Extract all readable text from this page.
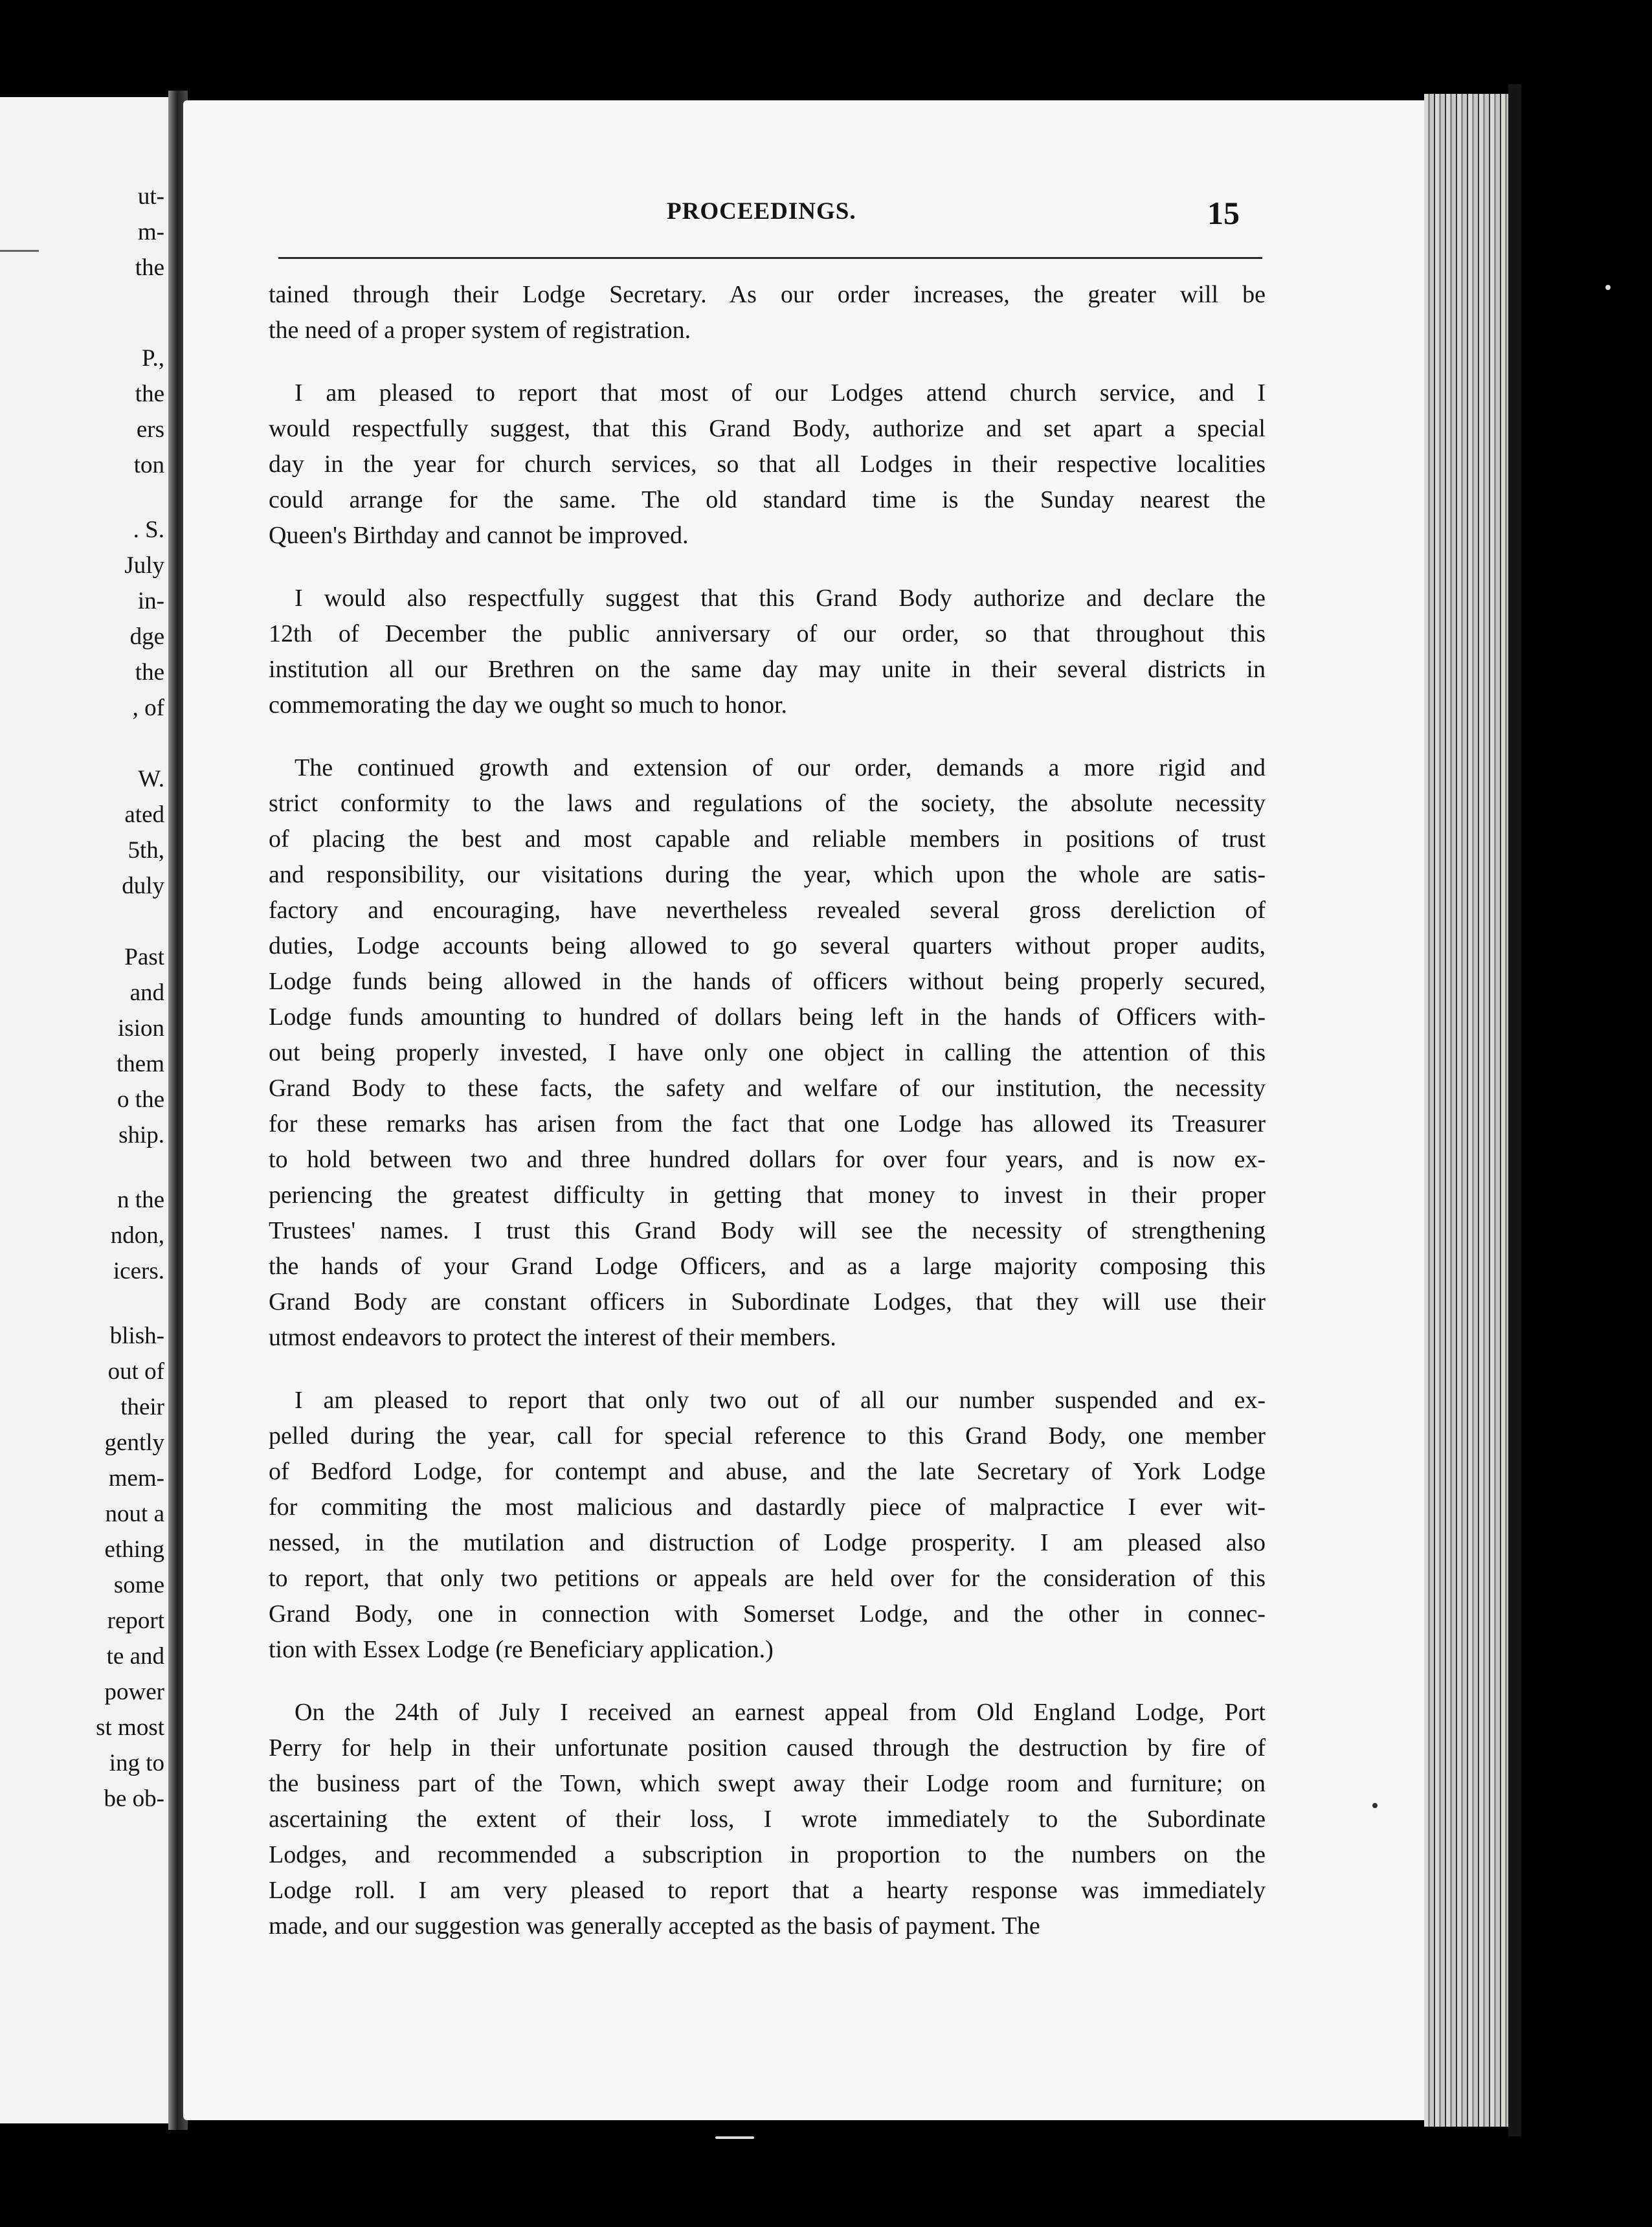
ut-
m-
the
P.,
the
ers
ton
. S.
July
in-
dge
the
, of
W.
ated
5th,
duly
Past
and
ision
them
o the
ship.
n the
ndon,
icers.
blish-
out of
their
gently
mem-
nout a
ething
some
report
te and
power
st most
ing to
be ob-
PROCEEDINGS.	15
tained through their Lodge Secretary. As our order increases, the greater will be
the need of a proper system of registration.
I am pleased to report that most of our Lodges attend church service, and I
would respectfully suggest, that this Grand Body, authorize and set apart a special
day in the year for church services, so that all Lodges in their respective localities
could arrange for the same. The old standard time is the Sunday nearest the
Queen's Birthday and cannot be improved.
I would also respectfully suggest that this Grand Body authorize and declare the
12th of December the public anniversary of our order, so that throughout this
institution all our Brethren on the same day may unite in their several districts in
commemorating the day we ought so much to honor.
The continued growth and extension of our order, demands a more rigid and
strict conformity to the laws and regulations of the society, the absolute necessity
of placing the best and most capable and reliable members in positions of trust
and responsibility, our visitations during the year, which upon the whole are satis-
factory and encouraging, have nevertheless revealed several gross dereliction of
duties, Lodge accounts being allowed to go several quarters without proper audits,
Lodge funds being allowed in the hands of officers without being properly secured,
Lodge funds amounting to hundred of dollars being left in the hands of Officers with-
out being properly invested, I have only one object in calling the attention of this
Grand Body to these facts, the safety and welfare of our institution, the necessity
for these remarks has arisen from the fact that one Lodge has allowed its Treasurer
to hold between two and three hundred dollars for over four years, and is now ex-
periencing the greatest difficulty in getting that money to invest in their proper
Trustees' names. I trust this Grand Body will see the necessity of strengthening
the hands of your Grand Lodge Officers, and as a large majority composing this
Grand Body are constant officers in Subordinate Lodges, that they will use their
utmost endeavors to protect the interest of their members.
I am pleased to report that only two out of all our number suspended and ex-
pelled during the year, call for special reference to this Grand Body, one member
of Bedford Lodge, for contempt and abuse, and the late Secretary of York Lodge
for commiting the most malicious and dastardly piece of malpractice I ever wit-
nessed, in the mutilation and distruction of Lodge prosperity. I am pleased also
to report, that only two petitions or appeals are held over for the consideration of this
Grand Body, one in connection with Somerset Lodge, and the other in connec-
tion with Essex Lodge (re Beneficiary application.)
On the 24th of July I received an earnest appeal from Old England Lodge, Port
Perry for help in their unfortunate position caused through the destruction by fire of
the business part of the Town, which swept away their Lodge room and furniture; on
ascertaining the extent of their loss, I wrote immediately to the Subordinate
Lodges, and recommended a subscription in proportion to the numbers on the
Lodge roll. I am very pleased to report that a hearty response was immediately
made, and our suggestion was generally accepted as the basis of payment. The
